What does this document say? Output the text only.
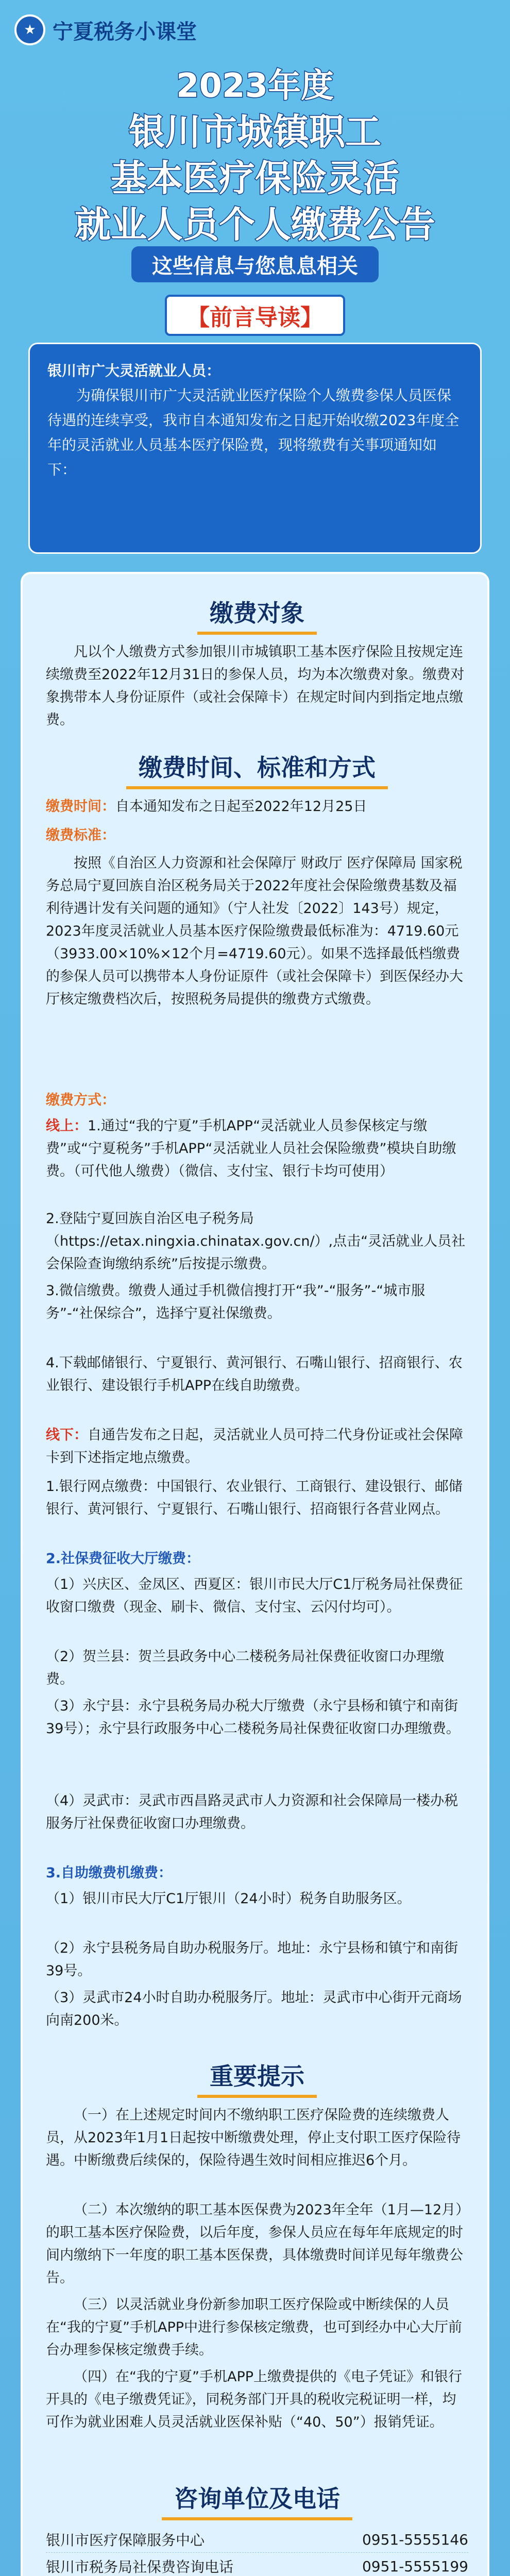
★ 宁夏税务小课堂
2023年度
银川市城镇职工
基本医疗保险灵活
就业人员个人缴费公告
这些信息与您息息相关
【前言导读】
银川市广大灵活就业人员：
为确保银川市广大灵活就业医疗保险个人缴费参保人员医保待遇的连续享受，我市自本通知发布之日起开始收缴2023年度全年的灵活就业人员基本医疗保险费，现将缴费有关事项通知如下：
缴费对象
凡以个人缴费方式参加银川市城镇职工基本医疗保险且按规定连续缴费至2022年12月31日的参保人员，均为本次缴费对象。缴费对象携带本人身份证原件（或社会保障卡）在规定时间内到指定地点缴费。
缴费时间、标准和方式
缴费时间：自本通知发布之日起至2022年12月25日
缴费标准：
按照《自治区人力资源和社会保障厅 财政厅 医疗保障局 国家税务总局宁夏回族自治区税务局关于2022年度社会保险缴费基数及福利待遇计发有关问题的通知》（宁人社发〔2022〕143号）规定，2023年度灵活就业人员基本医疗保险缴费最低标准为：4719.60元（3933.00×10%×12个月=4719.60元）。如果不选择最低档缴费的参保人员可以携带本人身份证原件（或社会保障卡）到医保经办大厅核定缴费档次后，按照税务局提供的缴费方式缴费。
缴费方式：
线上：1.通过“我的宁夏”手机APP“灵活就业人员参保核定与缴费”或“宁夏税务”手机APP“灵活就业人员社会保险缴费”模块自助缴费。（可代他人缴费）（微信、支付宝、银行卡均可使用）
2.登陆宁夏回族自治区电子税务局（https://etax.ningxia.chinatax.gov.cn/）,点击“灵活就业人员社会保险查询缴纳系统”后按提示缴费。
3.微信缴费。缴费人通过手机微信搜打开“我”-“服务”-“城市服务”-“社保综合”，选择宁夏社保缴费。
4.下载邮储银行、宁夏银行、黄河银行、石嘴山银行、招商银行、农业银行、建设银行手机APP在线自助缴费。
线下：自通告发布之日起，灵活就业人员可持二代身份证或社会保障卡到下述指定地点缴费。
1.银行网点缴费：中国银行、农业银行、工商银行、建设银行、邮储银行、黄河银行、宁夏银行、石嘴山银行、招商银行各营业网点。
2.社保费征收大厅缴费：
（1）兴庆区、金凤区、西夏区：银川市民大厅C1厅税务局社保费征收窗口缴费（现金、刷卡、微信、支付宝、云闪付均可）。
（2）贺兰县：贺兰县政务中心二楼税务局社保费征收窗口办理缴费。
（3）永宁县：永宁县税务局办税大厅缴费（永宁县杨和镇宁和南街39号）；永宁县行政服务中心二楼税务局社保费征收窗口办理缴费。
（4）灵武市：灵武市西昌路灵武市人力资源和社会保障局一楼办税服务厅社保费征收窗口办理缴费。
3.自助缴费机缴费：
（1）银川市民大厅C1厅银川（24小时）税务自助服务区。
（2）永宁县税务局自助办税服务厅。地址：永宁县杨和镇宁和南街39号。
（3）灵武市24小时自助办税服务厅。地址：灵武市中心街开元商场向南200米。
重要提示
（一）在上述规定时间内不缴纳职工医疗保险费的连续缴费人员，从2023年1月1日起按中断缴费处理，停止支付职工医疗保险待遇。中断缴费后续保的，保险待遇生效时间相应推迟6个月。
（二）本次缴纳的职工基本医保费为2023年全年（1月—12月）的职工基本医疗保险费，以后年度，参保人员应在每年年底规定的时间内缴纳下一年度的职工基本医保费，具体缴费时间详见每年缴费公告。
（三）以灵活就业身份新参加职工医疗保险或中断续保的人员在“我的宁夏”手机APP中进行参保核定缴费，也可到经办中心大厅前台办理参保核定缴费手续。
（四）在“我的宁夏”手机APP上缴费提供的《电子凭证》和银行开具的《电子缴费凭证》，同税务部门开具的税收完税证明一样，均可作为就业困难人员灵活就业医保补贴（“40、50”）报销凭证。
咨询单位及电话
银川市医疗保障服务中心	0951-5555146
银川市税务局社保费咨询电话	0951-5555199
